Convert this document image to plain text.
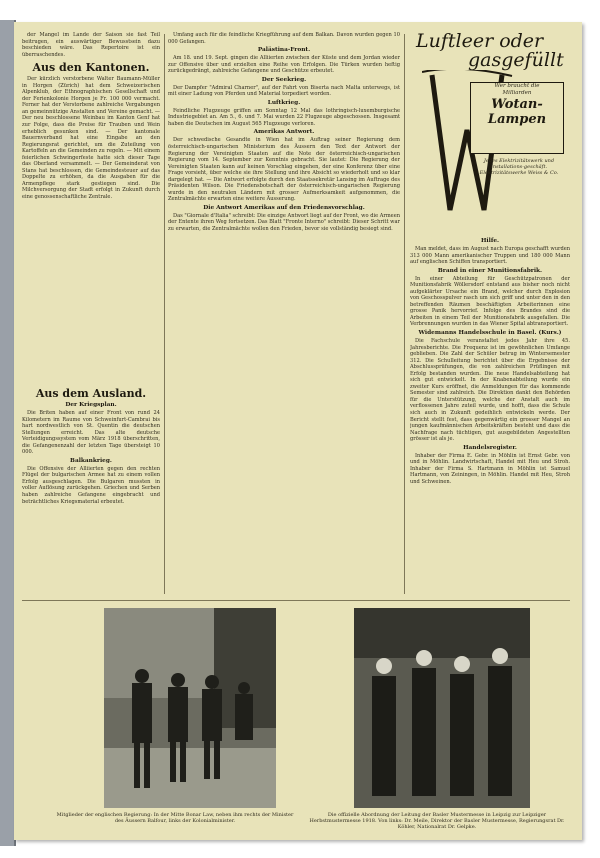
der Mangel im Lande der Saison sie fast Teil beitrugen, ein auswärtiger Bewusstsein dazu beschieden wäre. Das Repertoire ist ein überraschendes.

Aus den Kantonen.

Der kürzlich verstorbene Walter Baumann-Müller in Horgen (Zürich) hat dem Schweizerischen Alpenklub, der Ethnographischen Gesellschaft und der Ferienkolonie Horgen je Fr. 100 000 vermacht. Ferner hat der Verstorbene zahlreiche Vergabungen an gemeinnützige Anstalten und Vereine gemacht. — Der neu beschlossene Weinbau im Kanton Genf hat zur Folge, dass die Preise für Trauben und Wein erheblich gesunken sind. — Der kantonale Bauernverband hat eine Eingabe an den Regierungsrat gerichtet, um die Zuteilung von Kartoffeln an die Gemeinden zu regeln. — Mit einem feierlichen Schwingerfeste hatte sich dieser Tage das Oberland versammelt. — Der Gemeinderat von Stans hat beschlossen, die Gemeindesteuer auf das Doppelte zu erhöhen, da die Ausgaben für die Armenpflege stark gestiegen sind. Die Milchversorgung der Stadt erfolgt in Zukunft durch eine genossenschaftliche Zentrale.

Aus dem Ausland.
Der Kriegsplan.

Die Briten haben auf einer Front von rund 24 Kilometern im Raume von Schweinfurt-Cambrai bis hart nordwestlich von St. Quentin die deutschen Stellungen erreicht. Das alte deutsche Verteidigungssystem vom März 1918 überschritten, die Gefangenenzahl der letzten Tage übersteigt 10 000.

Balkankrieg.

Die Offensive der Alliierten gegen den rechten Flügel der bulgarischen Armee hat zu einem vollen Erfolg ausgeschlagen. Die Bulgaren mussten in voller Auflösung zurückgehen. Griechen und Serben haben zahlreiche Gefangene eingebracht und beträchtliches Kriegsmaterial erbeutet.

Umfang auch für die feindliche Kriegführung auf dem Balkan. Davon wurden gegen 10 000 Gefangen.

Palästina-Front.

Am 18. und 19. Sept. gingen die Alliierten zwischen der Küste und dem Jordan wieder zur Offensive über und erzielten eine Reihe von Erfolgen. Die Türken wurden heftig zurückgedrängt, zahlreiche Gefangene und Geschütze erbeutet.

Der Seekrieg.

Der Dampfer "Admiral Charner", auf der Fahrt von Biserta nach Malta unterwegs, ist mit einer Ladung von Pferden und Material torpediert worden.

Luftkrieg.

Feindliche Flugzeuge griffen am Sonntag 12 Mal das lothringisch-luxemburgische Industriegebiet an. Am 5., 6. und 7. Mai wurden 22 Flugzeuge abgeschossen. Insgesamt haben die Deutschen im August 565 Flugzeuge verloren.

Amerikas Antwort.

Der schwedische Gesandte in Wien hat im Auftrag seiner Regierung dem österreichisch-ungarischen Ministerium des Äussern den Text der Antwort der Regierung der Vereinigten Staaten auf die Note der österreichisch-ungarischen Regierung vom 14. September zur Kenntnis gebracht. Sie lautet: Die Regierung der Vereinigten Staaten kann auf keinen Vorschlag eingehen, der eine Konferenz über eine Frage vorsieht, über welche sie ihre Stellung und ihre Absicht so wiederholt und so klar dargelegt hat. — Die Antwort erfolgte durch den Staatssekretär Lansing im Auftrage des Präsidenten Wilson. Die Friedensbotschaft der österreichisch-ungarischen Regierung wurde in den neutralen Ländern mit grosser Aufmerksamkeit aufgenommen, die Zentralmächte erwarten eine weitere Äusserung.

Die Antwort Amerikas auf den Friedensvorschlag.

Das "Giornale d'Italia" schreibt: Die einzige Antwort liegt auf der Front, wo die Armeen der Entente ihren Weg fortsetzen. Das Blatt "Fronte Interno" schreibt: Dieser Schritt war zu erwarten, die Zentralmächte wollen den Frieden, bevor sie vollständig besiegt sind.

Luftleer oder
gasgefüllt
Wer braucht die
Milliarden
Wotan-
Lampen
Jedes Elektrizitätswerk und Installations-geschäft. Elektrizitätswerke Weiss & Co.
Hilfe.

Man meldet, dass im August nach Europa geschafft wurden 313 000 Mann amerikanischer Truppen und 180 000 Mann auf englischen Schiffen transportiert.

Brand in einer Munitionsfabrik.

In einer Abteilung für Geschützpatronen der Munitionsfabrik Wöllersdorf entstand aus bisher noch nicht aufgeklärter Ursache ein Brand, welcher durch Explosion von Geschosspulver rasch um sich griff und unter den in den betreffenden Räumen beschäftigten Arbeiterinnen eine grosse Panik hervorrief. Infolge des Brandes sind die Arbeiten in einem Teil der Munitionsfabrik ausgefallen. Die Verbrennungen wurden in das Wiener Spital abtransportiert.

Widemanns Handelsschule in Basel. (Kurs.)

Die Fachschule veranstaltet jedes Jahr ihre 45. Jahresberichte. Die Frequenz ist im gewöhnlichen Umfange geblieben. Die Zahl der Schüler betrug im Wintersemester 312. Die Schulleitung berichtet über die Ergebnisse der Abschlussprüfungen, die von zahlreichen Prüflingen mit Erfolg bestanden wurden. Die neue Handelsabteilung hat sich gut entwickelt. In der Knabenabteilung wurde ein zweiter Kurs eröffnet, die Anmeldungen für das kommende Semester sind zahlreich. Die Direktion dankt den Behörden für die Unterstützung, welche der Anstalt auch im verflossenen Jahre zuteil wurde, und hofft, dass die Schule sich auch in Zukunft gedeihlich entwickeln werde. Der Bericht stellt fest, dass gegenwärtig ein grosser Mangel an jungen kaufmännischen Arbeitskräften besteht und dass die Nachfrage nach tüchtigen, gut ausgebildeten Angestellten grösser ist als je.

Handelsregister.

Inhaber der Firma E. Gebr. in Möhlin ist Ernst Gebr. von und in Möhlin. Landwirtschaft, Handel mit Heu und Stroh. Inhaber der Firma S. Hartmann in Möhlin ist Samuel Hartmann, von Zeiningen, in Möhlin. Handel mit Heu, Stroh und Schweinen.

Mitglieder der englischen Regierung: In der Mitte Bonar Law, neben ihm rechts der Minister des Äussern Balfour, links der Kolonialminister.
Die offizielle Abordnung der Leitung der Basler Mustermesse in Leipzig zur Leipziger Herbstmustermesse 1918. Von links: Dr. Meile, Direktor der Basler Mustermesse, Regierungsrat Dr. Köhler, Nationalrat Dr. Gelpke.
